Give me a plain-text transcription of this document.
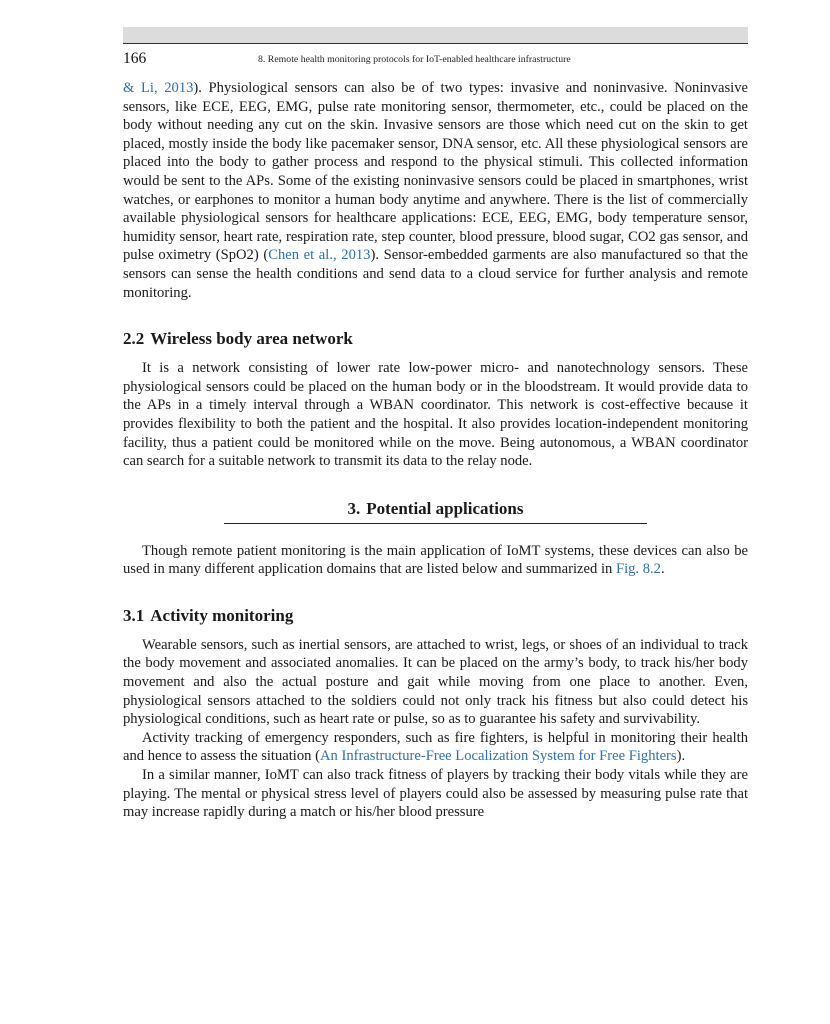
166	8. Remote health monitoring protocols for IoT-enabled healthcare infrastructure

& Li, 2013). Physiological sensors can also be of two types: invasive and noninvasive. Noninvasive sensors, like ECE, EEG, EMG, pulse rate monitoring sensor, thermometer, etc., could be placed on the body without needing any cut on the skin. Invasive sensors are those which need cut on the skin to get placed, mostly inside the body like pacemaker sensor, DNA sensor, etc. All these physiological sensors are placed into the body to gather process and respond to the physical stimuli. This collected information would be sent to the APs. Some of the existing noninvasive sensors could be placed in smartphones, wrist watches, or earphones to monitor a human body anytime and anywhere. There is the list of commercially available physiological sensors for healthcare applications: ECE, EEG, EMG, body temperature sensor, humidity sensor, heart rate, respiration rate, step counter, blood pressure, blood sugar, CO2 gas sensor, and pulse oximetry (SpO2) (Chen et al., 2013). Sensor-embedded garments are also manufactured so that the sensors can sense the health conditions and send data to a cloud service for further analysis and remote monitoring.

2.2 Wireless body area network

It is a network consisting of lower rate low-power micro- and nanotechnology sensors. These physiological sensors could be placed on the human body or in the bloodstream. It would provide data to the APs in a timely interval through a WBAN coordinator. This network is cost-effective because it provides flexibility to both the patient and the hospital. It also provides location-independent monitoring facility, thus a patient could be monitored while on the move. Being autonomous, a WBAN coordinator can search for a suitable network to transmit its data to the relay node.

3. Potential applications

Though remote patient monitoring is the main application of IoMT systems, these devices can also be used in many different application domains that are listed below and summarized in Fig. 8.2.

3.1 Activity monitoring

Wearable sensors, such as inertial sensors, are attached to wrist, legs, or shoes of an individual to track the body movement and associated anomalies. It can be placed on the army’s body, to track his/her body movement and also the actual posture and gait while moving from one place to another. Even, physiological sensors attached to the soldiers could not only track his fitness but also could detect his physiological conditions, such as heart rate or pulse, so as to guarantee his safety and survivability.

Activity tracking of emergency responders, such as fire fighters, is helpful in monitoring their health and hence to assess the situation (An Infrastructure-Free Localization System for Free Fighters).

In a similar manner, IoMT can also track fitness of players by tracking their body vitals while they are playing. The mental or physical stress level of players could also be assessed by measuring pulse rate that may increase rapidly during a match or his/her blood pressure
